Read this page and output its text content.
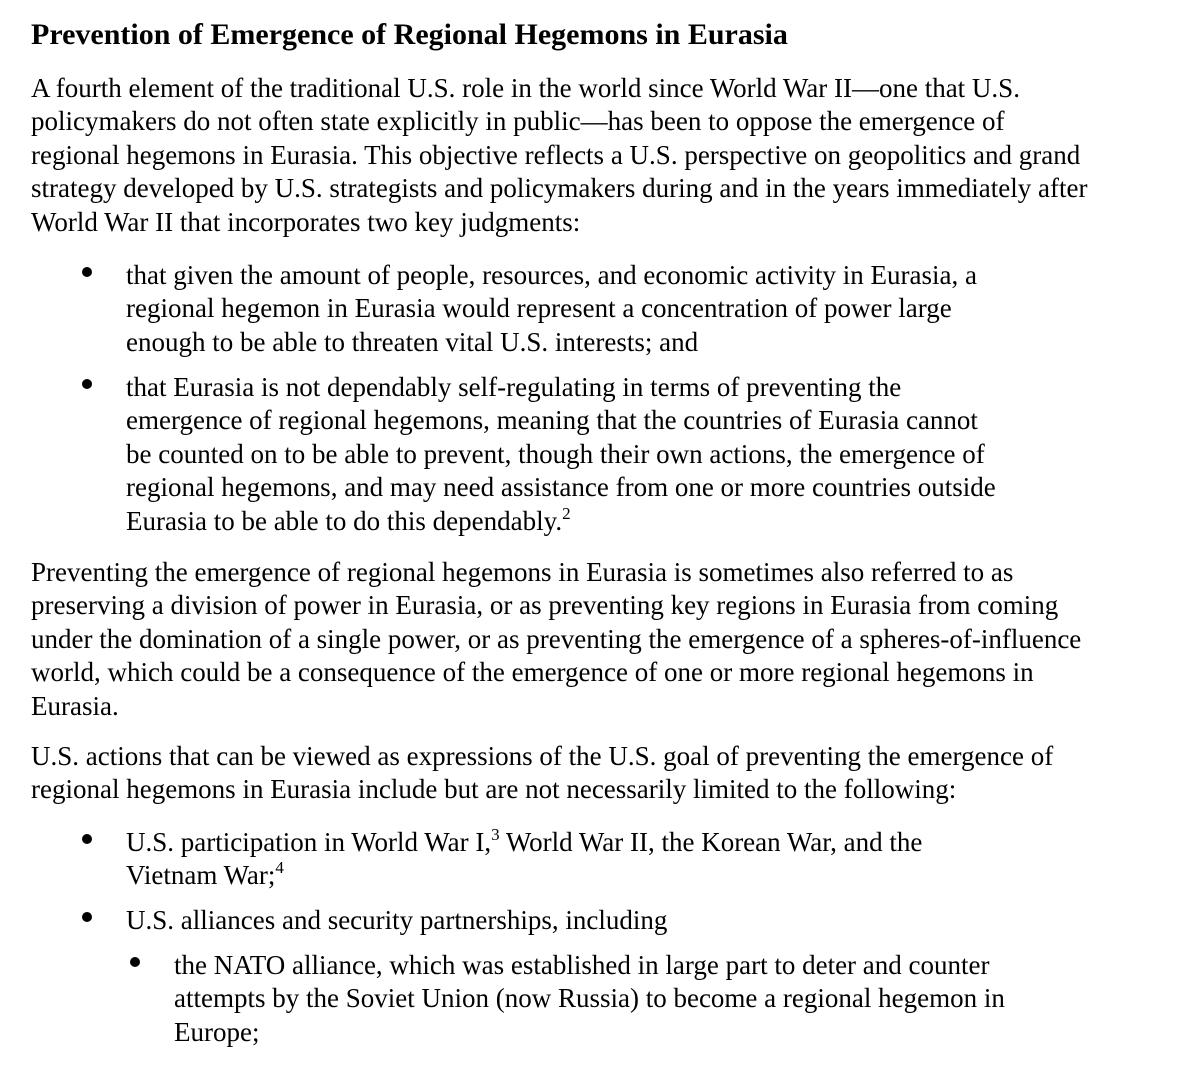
Prevention of Emergence of Regional Hegemons in Eurasia

A fourth element of the traditional U.S. role in the world since World War II—one that U.S.
policymakers do not often state explicitly in public—has been to oppose the emergence of
regional hegemons in Eurasia. This objective reflects a U.S. perspective on geopolitics and grand
strategy developed by U.S. strategists and policymakers during and in the years immediately after
World War II that incorporates two key judgments:

that given the amount of people, resources, and economic activity in Eurasia, a
regional hegemon in Eurasia would represent a concentration of power large
enough to be able to threaten vital U.S. interests; and
that Eurasia is not dependably self-regulating in terms of preventing the
emergence of regional hegemons, meaning that the countries of Eurasia cannot
be counted on to be able to prevent, though their own actions, the emergence of
regional hegemons, and may need assistance from one or more countries outside
Eurasia to be able to do this dependably.$^2$

Preventing the emergence of regional hegemons in Eurasia is sometimes also referred to as
preserving a division of power in Eurasia, or as preventing key regions in Eurasia from coming
under the domination of a single power, or as preventing the emergence of a spheres-of-influence
world, which could be a consequence of the emergence of one or more regional hegemons in
Eurasia.

U.S. actions that can be viewed as expressions of the U.S. goal of preventing the emergence of
regional hegemons in Eurasia include but are not necessarily limited to the following:

U.S. participation in World War I,$^3$ World War II, the Korean War, and the
Vietnam War;$^4$
U.S. alliances and security partnerships, including
the NATO alliance, which was established in large part to deter and counter
attempts by the Soviet Union (now Russia) to become a regional hegemon in
Europe;
